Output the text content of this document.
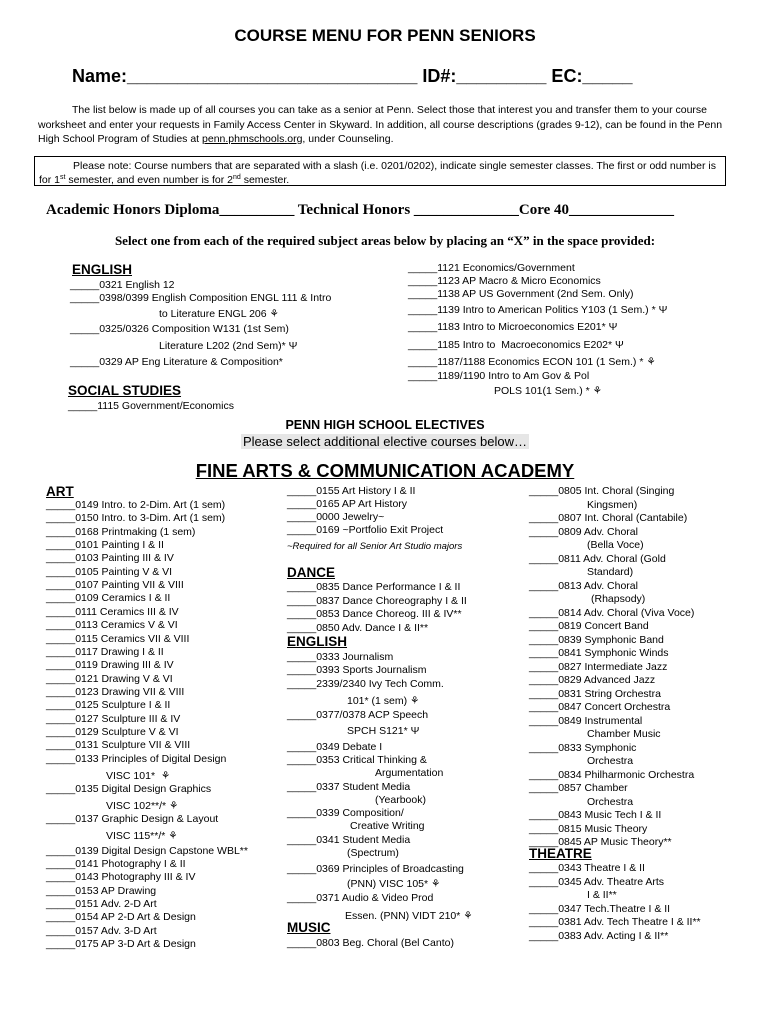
COURSE MENU FOR PENN SENIORS
Name:_____________________________ ID#:_________ EC:_____
The list below is made up of all courses you can take as a senior at Penn. Select those that interest you and transfer them to your course worksheet and enter your requests in Family Access Center in Skyward. In addition, all course descriptions (grades 9-12), can be found in the Penn High School Program of Studies at penn.phmschools.org, under Counseling.
Please note: Course numbers that are separated with a slash (i.e. 0201/0202), indicate single semester classes. The first or odd number is for 1st semester, and even number is for 2nd semester.
Academic Honors Diploma__________ Technical Honors ______________Core 40______________
Select one from each of the required subject areas below by placing an “X” in the space provided:
ENGLISH
_____0321 English 12
_____0398/0399 English Composition ENGL 111 & Intro
to Literature ENGL 206 ⚘
_____0325/0326 Composition W131 (1st Sem)
Literature L202 (2nd Sem)* Ψ
_____0329 AP Eng Literature & Composition*
SOCIAL STUDIES
_____1115 Government/Economics
_____1121 Economics/Government
_____1123 AP Macro & Micro Economics
_____1138 AP US Government (2nd Sem. Only)
_____1139 Intro to American Politics Y103 (1 Sem.) * Ψ
_____1183 Intro to Microeconomics E201* Ψ
_____1185 Intro to  Macroeconomics E202* Ψ
_____1187/1188 Economics ECON 101 (1 Sem.) * ⚘
_____1189/1190 Intro to Am Gov & Pol
POLS 101(1 Sem.) * ⚘
PENN HIGH SCHOOL ELECTIVES
Please select additional elective courses below…
FINE ARTS & COMMUNICATION ACADEMY
ART
_____0149 Intro. to 2-Dim. Art (1 sem)
_____0150 Intro. to 3-Dim. Art (1 sem)
_____0168 Printmaking (1 sem)
_____0101 Painting I & II
_____0103 Painting III & IV
_____0105 Painting V & VI
_____0107 Painting VII & VIII
_____0109 Ceramics I & II
_____0111 Ceramics III & IV
_____0113 Ceramics V & VI
_____0115 Ceramics VII & VIII
_____0117 Drawing I & II
_____0119 Drawing III & IV
_____0121 Drawing V & VI
_____0123 Drawing VII & VIII
_____0125 Sculpture I & II
_____0127 Sculpture III & IV
_____0129 Sculpture V & VI
_____0131 Sculpture VII & VIII
_____0133 Principles of Digital Design
VISC 101*  ⚘
_____0135 Digital Design Graphics
VISC 102**/* ⚘
_____0137 Graphic Design & Layout
VISC 115**/* ⚘
_____0139 Digital Design Capstone WBL**
_____0141 Photography I & II
_____0143 Photography III & IV
_____0153 AP Drawing
_____0151 Adv. 2-D Art
_____0154 AP 2-D Art & Design
_____0157 Adv. 3-D Art
_____0175 AP 3-D Art & Design
_____0155 Art History I & II
_____0165 AP Art History
_____0000 Jewelry~
_____0169 ~Portfolio Exit Project
~Required for all Senior Art Studio majors
DANCE
_____0835 Dance Performance I & II
_____0837 Dance Choreography I & II
_____0853 Dance Choreog. III & IV**
_____0850 Adv. Dance I & II**
ENGLISH
_____0333 Journalism
_____0393 Sports Journalism
_____2339/2340 Ivy Tech Comm.
101* (1 sem) ⚘
_____0377/0378 ACP Speech
SPCH S121* Ψ
_____0349 Debate I
_____0353 Critical Thinking &
Argumentation
_____0337 Student Media
(Yearbook)
_____0339 Composition/
Creative Writing
_____0341 Student Media
(Spectrum)
_____0369 Principles of Broadcasting
(PNN) VISC 105* ⚘
_____0371 Audio & Video Prod
Essen. (PNN) VIDT 210* ⚘
MUSIC
_____0803 Beg. Choral (Bel Canto)
_____0805 Int. Choral (Singing
Kingsmen)
_____0807 Int. Choral (Cantabile)
_____0809 Adv. Choral
(Bella Voce)
_____0811 Adv. Choral (Gold
Standard)
_____0813 Adv. Choral
(Rhapsody)
_____0814 Adv. Choral (Viva Voce)
_____0819 Concert Band
_____0839 Symphonic Band
_____0841 Symphonic Winds
_____0827 Intermediate Jazz
_____0829 Advanced Jazz
_____0831 String Orchestra
_____0847 Concert Orchestra
_____0849 Instrumental
Chamber Music
_____0833 Symphonic
Orchestra
_____0834 Philharmonic Orchestra
_____0857 Chamber
Orchestra
_____0843 Music Tech I & II
_____0815 Music Theory
_____0845 AP Music Theory**
THEATRE
_____0343 Theatre I & II
_____0345 Adv. Theatre Arts
I & II**
_____0347 Tech.Theatre I & II
_____0381 Adv. Tech Theatre I & II**
_____0383 Adv. Acting I & II**
